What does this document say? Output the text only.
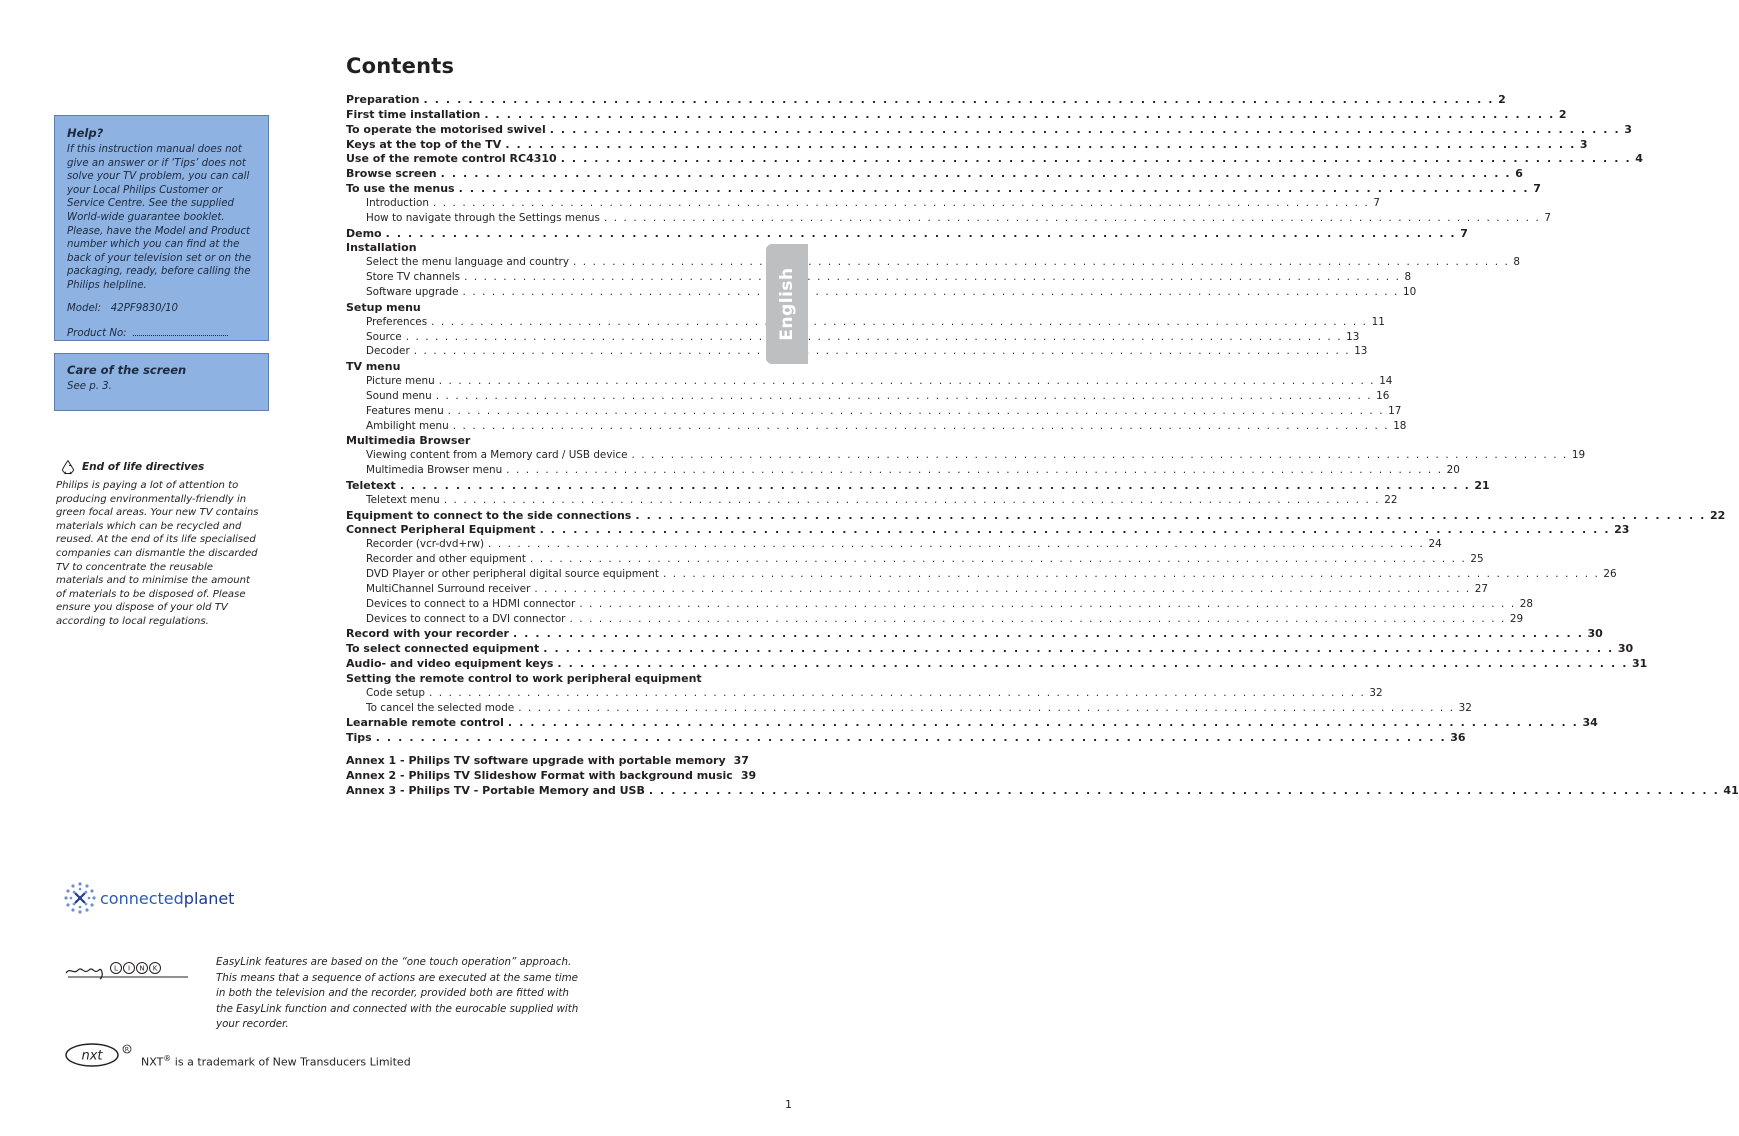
Contents
Preparation . . .	2
First time installation . . .	2
To operate the motorised swivel . . .	3
Keys at the top of the TV . . .	3
Use of the remote control RC4310 . . .	4
Browse screen . . .	6
To use the menus . . .	7
Introduction . . .	7
How to navigate through the Settings menus . . .	7
Demo . . .	7
Installation
Select the menu language and country . . .	8
Store TV channels . . .	8
Software upgrade . . .	10
Setup menu
Preferences . . .	11
Source . . .	13
Decoder . . .	13
TV menu
Picture menu . . .	14
Sound menu . . .	16
Features menu . . .	17
Ambilight menu . . .	18
Multimedia Browser
Viewing content from a Memory card / USB device . . .	19
Multimedia Browser menu . . .	20
Teletext . . .	21
Teletext menu . . .	22
Equipment to connect to the side connections . . .	22
Connect Peripheral Equipment . . .	23
Recorder (vcr-dvd+rw) . . .	24
Recorder and other equipment . . .	25
DVD Player or other peripheral digital source equipment . . .	26
MultiChannel Surround receiver . . .	27
Devices to connect to a HDMI connector . . .	28
Devices to connect to a DVI connector . . .	29
Record with your recorder . . .	30
To select connected equipment . . .	30
Audio- and video equipment keys . . .	31
Setting the remote control to work peripheral equipment
Code setup . . .	32
To cancel the selected mode . . .	32
Learnable remote control . . .	34
Tips . . .	36
Annex 1 - Philips TV software upgrade with portable memory 37
Annex 2 - Philips TV Slideshow Format with background music 39
Annex 3 - Philips TV - Portable Memory and USB . . .	41
Help?
If this instruction manual does not give an answer or if ‘Tips’ does not solve your TV problem, you can call your Local Philips Customer or Service Centre. See the supplied World-wide guarantee booklet.
Please, have the Model and Product number which you can find at the back of your television set or on the packaging, ready, before calling the Philips helpline.
Model: 42PF9830/10
Product No:
Care of the screen
See p. 3.
End of life directives
Philips is paying a lot of attention to producing environmentally-friendly in green focal areas. Your new TV contains materials which can be recycled and reused. At the end of its life specialised companies can dismantle the discarded TV to concentrate the reusable materials and to minimise the amount of materials to be disposed of. Please ensure you dispose of your old TV according to local regulations.
English
connectedplanet
L I N K
EasyLink features are based on the “one touch operation” approach. This means that a sequence of actions are executed at the same time in both the television and the recorder, provided both are fitted with the EasyLink function and connected with the eurocable supplied with your recorder.
nxt	R
NXT® is a trademark of New Transducers Limited
1
